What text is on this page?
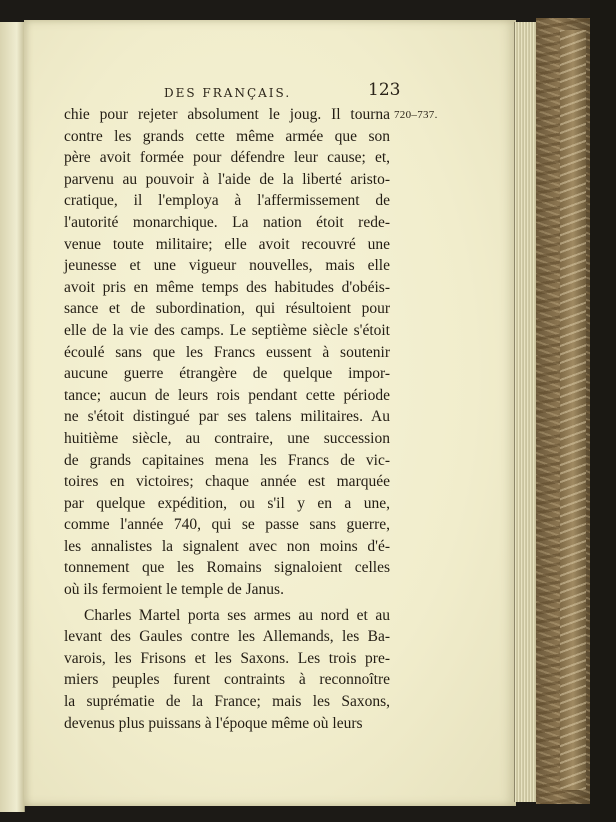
DES FRANÇAIS.	123
720–737.
chie pour rejeter absolument le joug. Il tourna
contre les grands cette même armée que son
père avoit formée pour défendre leur cause; et,
parvenu au pouvoir à l'aide de la liberté aristo-
cratique, il l'employa à l'affermissement de
l'autorité monarchique. La nation étoit rede-
venue toute militaire; elle avoit recouvré une
jeunesse et une vigueur nouvelles, mais elle
avoit pris en même temps des habitudes d'obéis-
sance et de subordination, qui résultoient pour
elle de la vie des camps. Le septième siècle s'étoit
écoulé sans que les Francs eussent à soutenir
aucune guerre étrangère de quelque impor-
tance; aucun de leurs rois pendant cette période
ne s'étoit distingué par ses talens militaires. Au
huitième siècle, au contraire, une succession
de grands capitaines mena les Francs de vic-
toires en victoires; chaque année est marquée
par quelque expédition, ou s'il y en a une,
comme l'année 740, qui se passe sans guerre,
les annalistes la signalent avec non moins d'é-
tonnement que les Romains signaloient celles
où ils fermoient le temple de Janus.
Charles Martel porta ses armes au nord et au
levant des Gaules contre les Allemands, les Ba-
varois, les Frisons et les Saxons. Les trois pre-
miers peuples furent contraints à reconnoître
la suprématie de la France; mais les Saxons,
devenus plus puissans à l'époque même où leurs
